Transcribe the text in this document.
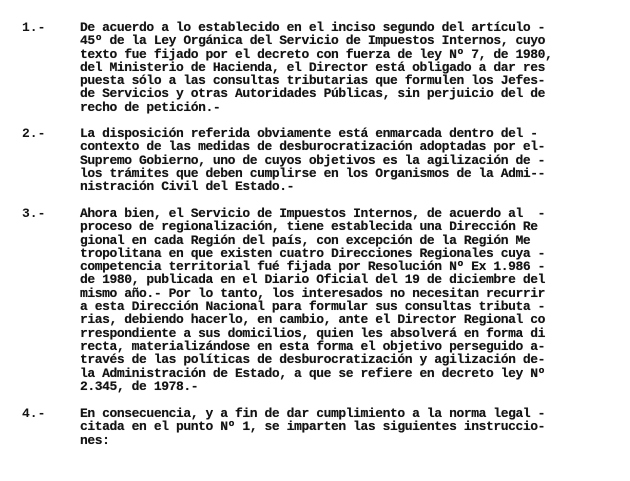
1.-	De acuerdo a lo establecido en el inciso segundo del artículo -
45º de la Ley Orgánica del Servicio de Impuestos Internos, cuyo
texto fue fijado por el decreto con fuerza de ley Nº 7, de 1980,
del Ministerio de Hacienda, el Director está obligado a dar res
puesta sólo a las consultas tributarias que formulen los Jefes-
de Servicios y otras Autoridades Públicas, sin perjuicio del de
recho de petición.-
2.-	La disposición referida obviamente está enmarcada dentro del -
contexto de las medidas de desburocratización adoptadas por el-
Supremo Gobierno, uno de cuyos objetivos es la agilización de -
los trámites que deben cumplirse en los Organismos de la Admi--
nistración Civil del Estado.-
3.-	Ahora bien, el Servicio de Impuestos Internos, de acuerdo al  -
proceso de regionalización, tiene establecida una Dirección Re
gional en cada Región del país, con excepción de la Región Me
tropolitana en que existen cuatro Direcciones Regionales cuya -
competencia territorial fué fijada por Resolución Nº Ex 1.986 -
de 1980, publicada en el Diario Oficial del 19 de diciembre del
mismo año.- Por lo tanto, los interesados no necesitan recurrir
a esta Dirección Nacional para formular sus consultas tributa -
rias, debiendo hacerlo, en cambio, ante el Director Regional co
rrespondiente a sus domicilios, quien les absolverá en forma di
recta, materializándose en esta forma el objetivo perseguido a-
través de las políticas de desburocratización y agilización de-
la Administración de Estado, a que se refiere en decreto ley Nº
2.345, de 1978.-
4.-	En consecuencia, y a fin de dar cumplimiento a la norma legal -
citada en el punto Nº 1, se imparten las siguientes instruccio-
nes:
